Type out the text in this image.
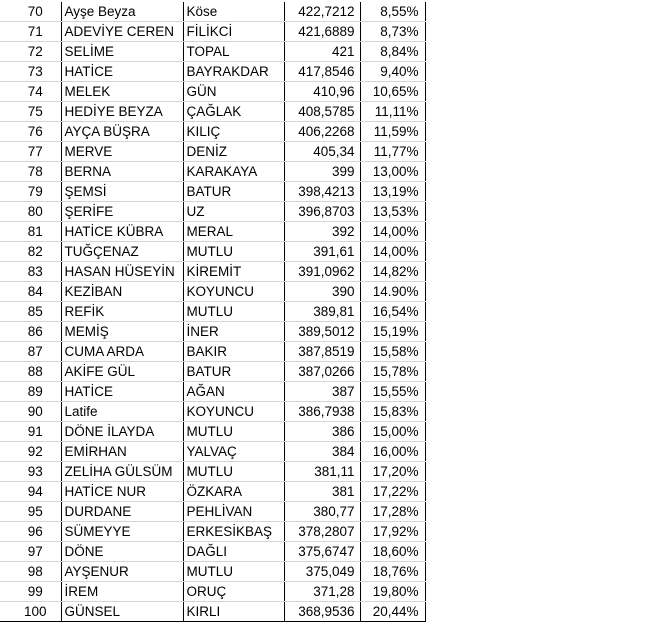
70	Ayşe Beyza	Köse	422,7212	8,55%
71	ADEVİYE CEREN	FİLİKCİ	421,6889	8,73%
72	SELİME	TOPAL	421	8,84%
73	HATİCE	BAYRAKDAR	417,8546	9,40%
74	MELEK	GÜN	410,96	10,65%
75	HEDİYE BEYZA	ÇAĞLAK	408,5785	11,11%
76	AYÇA BÜŞRA	KILIÇ	406,2268	11,59%
77	MERVE	DENİZ	405,34	11,77%
78	BERNA	KARAKAYA	399	13,00%
79	ŞEMSİ	BATUR	398,4213	13,19%
80	ŞERİFE	UZ	396,8703	13,53%
81	HATİCE KÜBRA	MERAL	392	14,00%
82	TUĞÇENAZ	MUTLU	391,61	14,00%
83	HASAN HÜSEYİN	KİREMİT	391,0962	14,82%
84	KEZİBAN	KOYUNCU	390	14.90%
85	REFİK	MUTLU	389,81	16,54%
86	MEMİŞ	İNER	389,5012	15,19%
87	CUMA ARDA	BAKIR	387,8519	15,58%
88	AKİFE GÜL	BATUR	387,0266	15,78%
89	HATİCE	AĞAN	387	15,55%
90	Latife	KOYUNCU	386,7938	15,83%
91	DÖNE İLAYDA	MUTLU	386	15,00%
92	EMİRHAN	YALVAÇ	384	16,00%
93	ZELİHA GÜLSÜM	MUTLU	381,11	17,20%
94	HATİCE NUR	ÖZKARA	381	17,22%
95	DURDANE	PEHLİVAN	380,77	17,28%
96	SÜMEYYE	ERKESİKBAŞ	378,2807	17,92%
97	DÖNE	DAĞLI	375,6747	18,60%
98	AYŞENUR	MUTLU	375,049	18,76%
99	İREM	ORUÇ	371,28	19,80%
100	GÜNSEL	KIRLI	368,9536	20,44%
